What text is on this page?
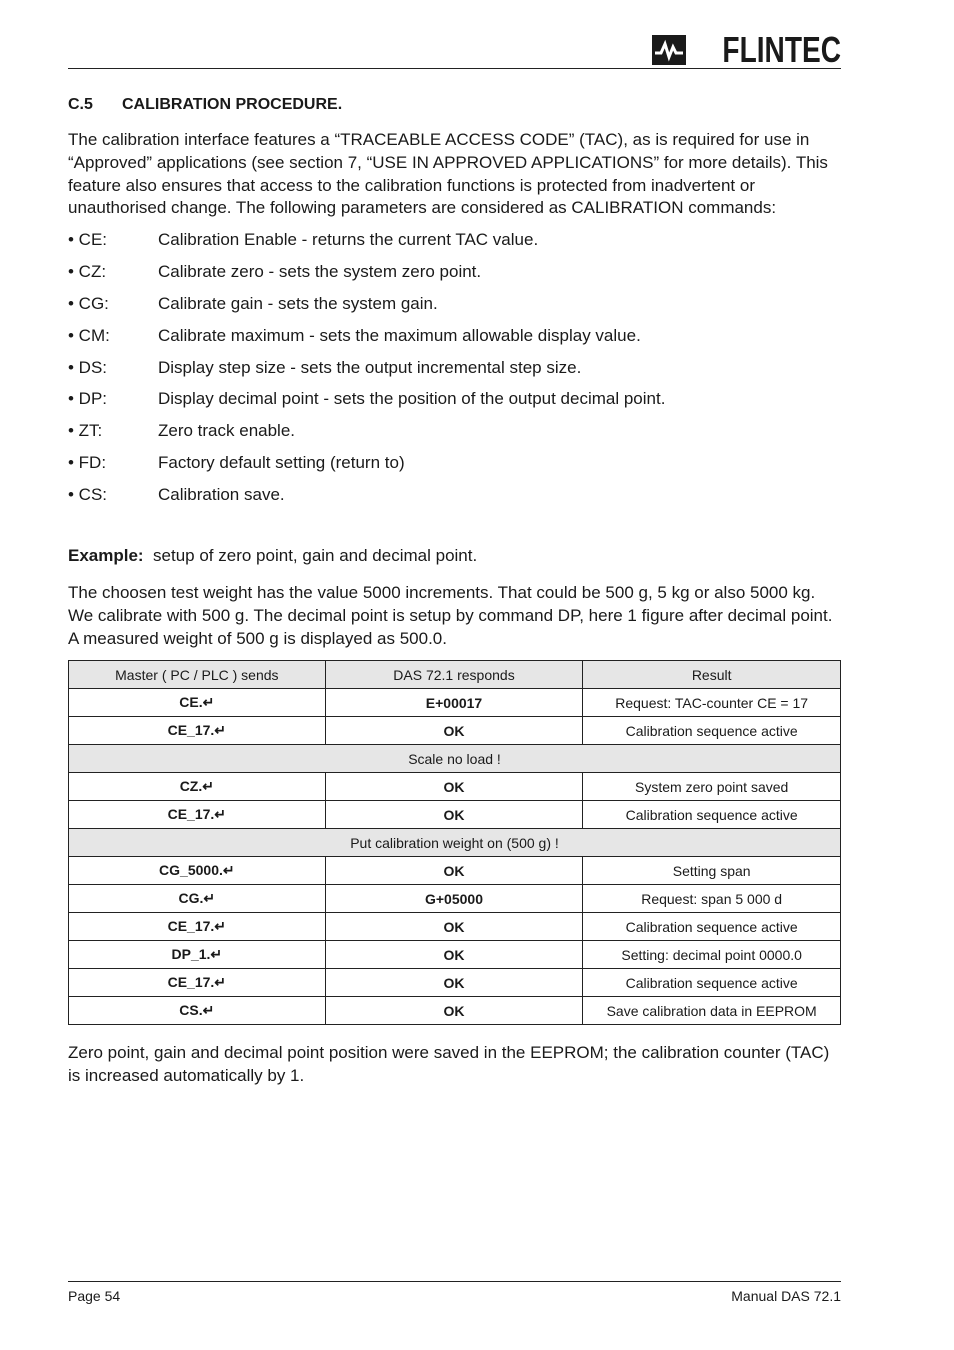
FLINTEC
C.5 CALIBRATION PROCEDURE.
The calibration interface features a “TRACEABLE ACCESS CODE” (TAC), as is required for use in “Approved” applications (see section 7, “USE IN APPROVED APPLICATIONS” for more details). This feature also ensures that access to the calibration functions is protected from inadvertent or unauthorised change. The following parameters are considered as CALIBRATION commands:
• CE:	Calibration Enable - returns the current TAC value.
• CZ:	Calibrate zero - sets the system zero point.
• CG:	Calibrate gain - sets the system gain.
• CM:	Calibrate maximum - sets the maximum allowable display value.
• DS:	Display step size - sets the output incremental step size.
• DP:	Display decimal point - sets the position of the output decimal point.
• ZT:	Zero track enable.
• FD:	Factory default setting (return to)
• CS:	Calibration save.
Example: setup of zero point, gain and decimal point.
The choosen test weight has the value 5000 increments. That could be 500 g, 5 kg or also 5000 kg. We calibrate with 500 g. The decimal point is setup by command DP, here 1 figure after decimal point. A measured weight of 500 g is displayed as 500.0.
Master ( PC / PLC ) sends	DAS 72.1 responds	Result
CE.↵	E+00017	Request: TAC-counter CE = 17
CE_17.↵	OK	Calibration sequence active
Scale no load !		
CZ.↵	OK	System zero point saved
CE_17.↵	OK	Calibration sequence active
Put calibration weight on (500 g) !		
CG_5000.↵	OK	Setting span
CG.↵	G+05000	Request: span 5 000 d
CE_17.↵	OK	Calibration sequence active
DP_1.↵	OK	Setting: decimal point 0000.0
CE_17.↵	OK	Calibration sequence active
CS.↵	OK	Save calibration data in EEPROM
Zero point, gain and decimal point position were saved in the EEPROM; the calibration counter (TAC) is increased automatically by 1.
Page 54	Manual DAS 72.1
